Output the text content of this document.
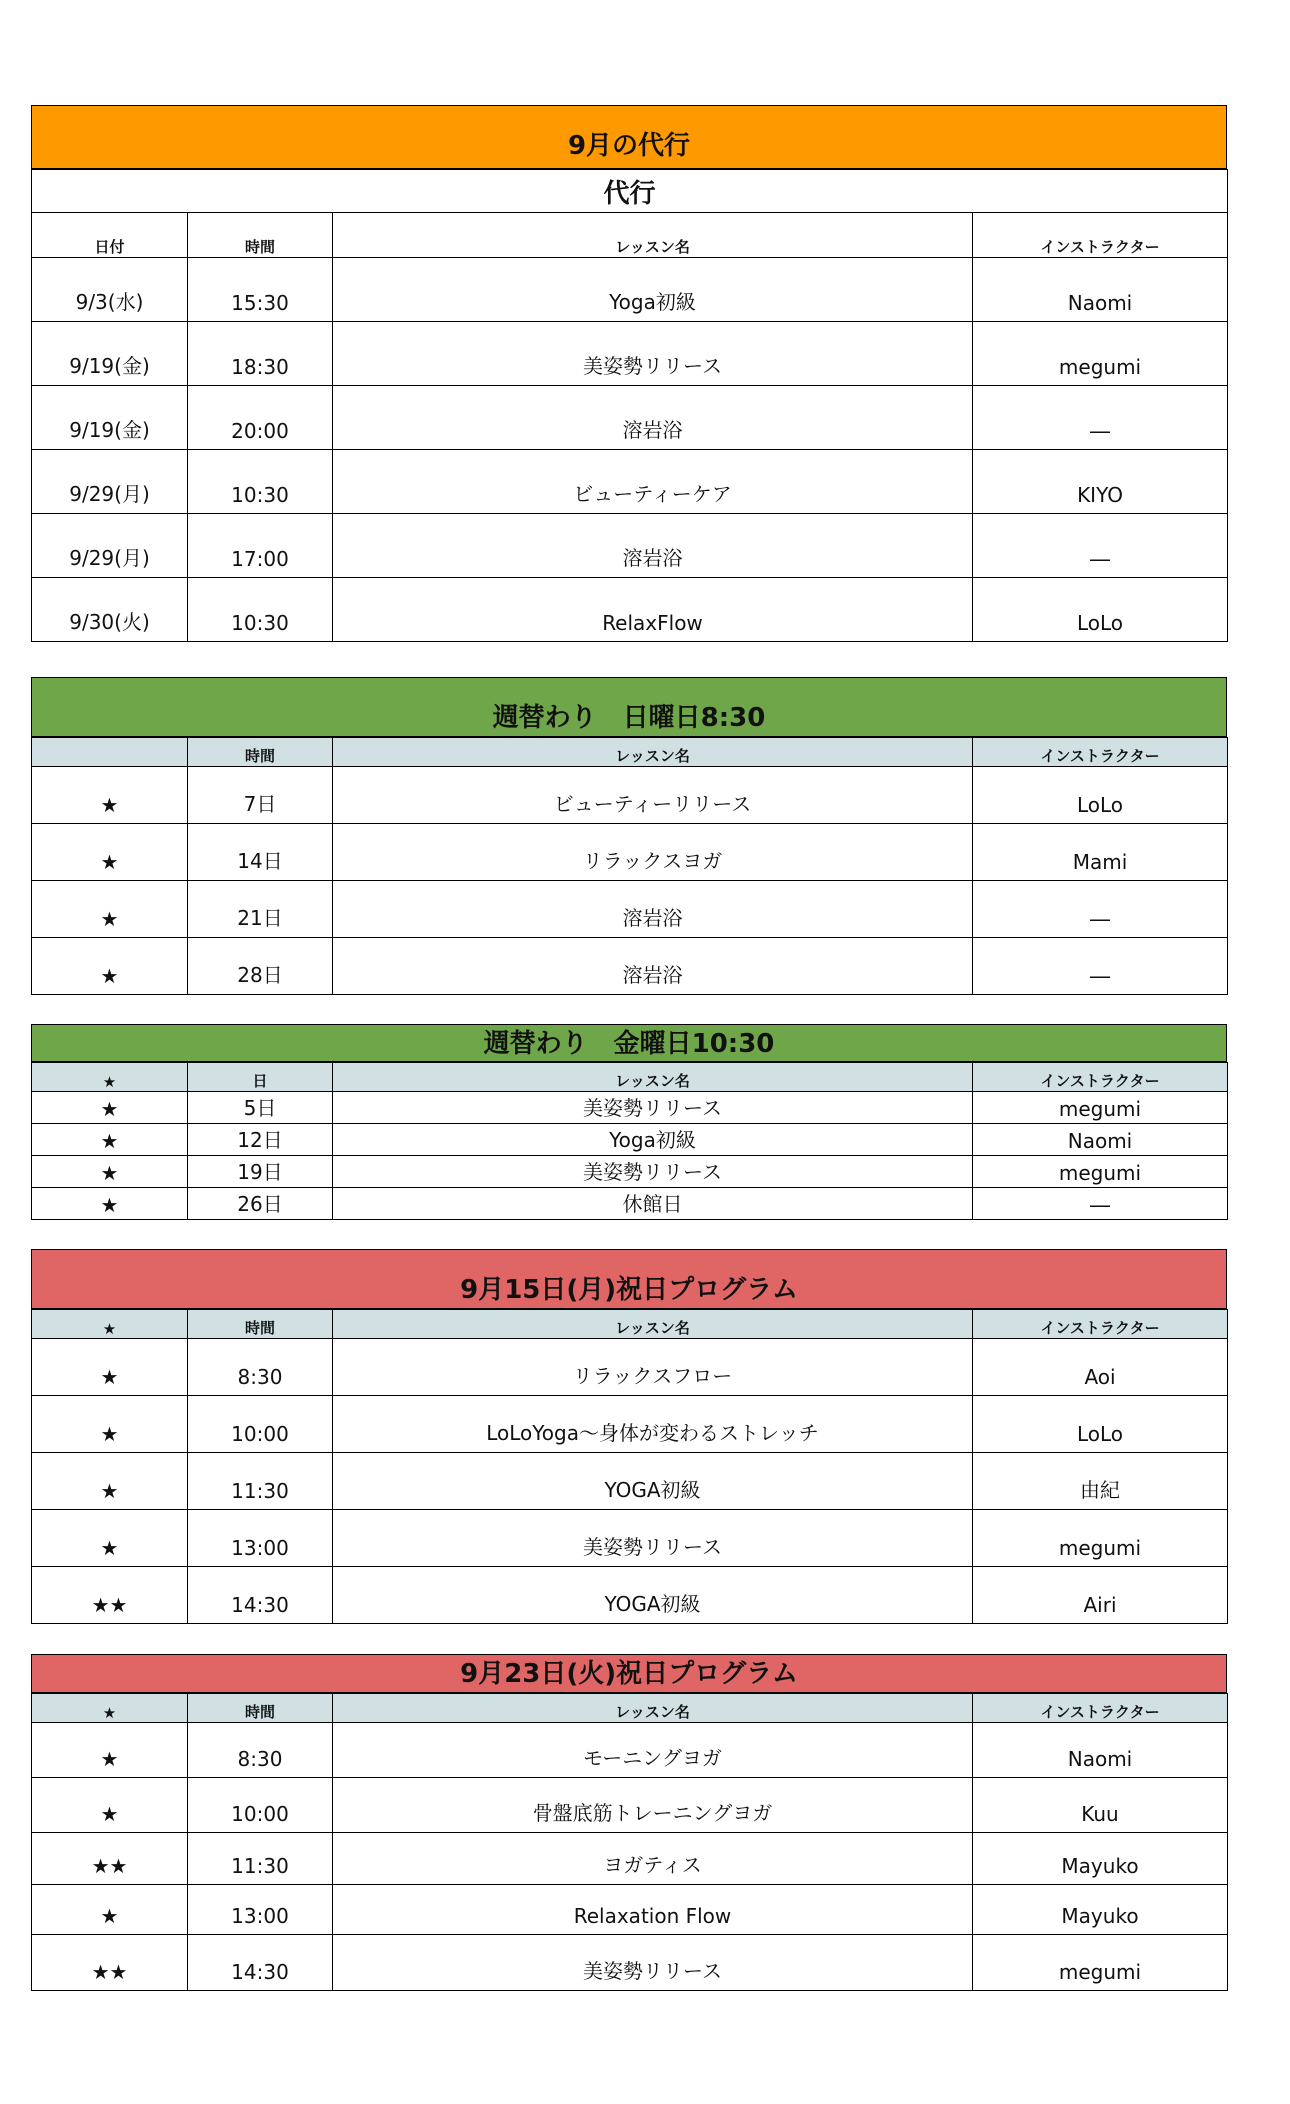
9月の代行
代行			
日付	時間	レッスン名	インストラクター
9/3(水)	15:30	Yoga初級	Naomi
9/19(金)	18:30	美姿勢リリース	megumi
9/19(金)	20:00	溶岩浴	―
9/29(月)	10:30	ビューティーケア	KIYO
9/29(月)	17:00	溶岩浴	―
9/30(火)	10:30	RelaxFlow	LoLo
週替わり　日曜日8:30
	時間	レッスン名	インストラクター
★	7日	ビューティーリリース	LoLo
★	14日	リラックスヨガ	Mami
★	21日	溶岩浴	―
★	28日	溶岩浴	―
週替わり　金曜日10:30
★	日	レッスン名	インストラクター
★	5日	美姿勢リリース	megumi
★	12日	Yoga初級	Naomi
★	19日	美姿勢リリース	megumi
★	26日	休館日	―
9月15日(月)祝日プログラム
★	時間	レッスン名	インストラクター
★	8:30	リラックスフロー	Aoi
★	10:00	LoLoYoga～身体が変わるストレッチ	LoLo
★	11:30	YOGA初級	由紀
★	13:00	美姿勢リリース	megumi
★★	14:30	YOGA初級	Airi
9月23日(火)祝日プログラム
★	時間	レッスン名	インストラクター
★	8:30	モーニングヨガ	Naomi
★	10:00	骨盤底筋トレーニングヨガ	Kuu
★★	11:30	ヨガティス	Mayuko
★	13:00	Relaxation Flow	Mayuko
★★	14:30	美姿勢リリース	megumi
